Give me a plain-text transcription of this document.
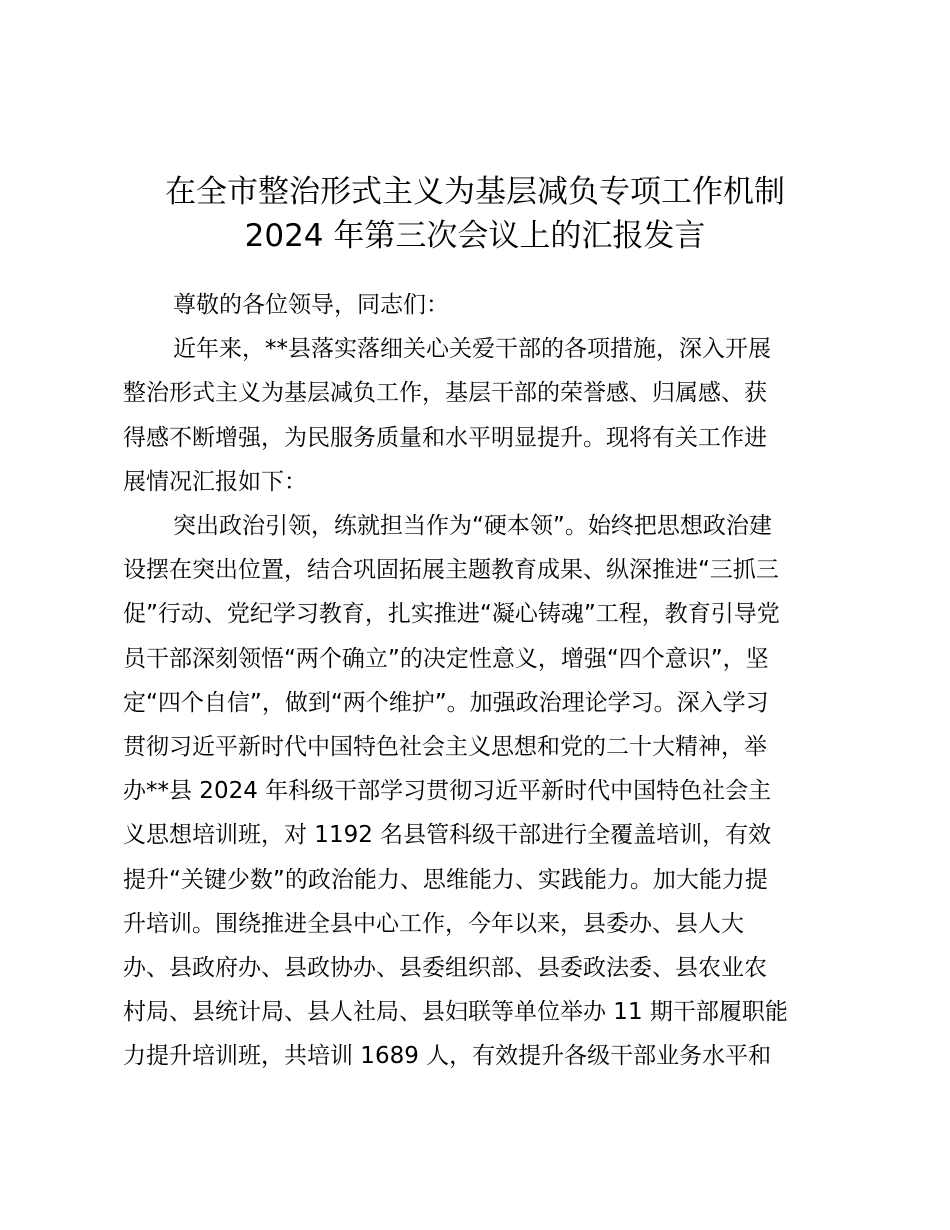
在全市整治形式主义为基层减负专项工作机制
2024 年第三次会议上的汇报发言
尊敬的各位领导，同志们：
近年来，**县落实落细关心关爱干部的各项措施，深入开展
整治形式主义为基层减负工作，基层干部的荣誉感、归属感、获
得感不断增强，为民服务质量和水平明显提升。现将有关工作进
展情况汇报如下：
突出政治引领，练就担当作为“硬本领”。始终把思想政治建
设摆在突出位置，结合巩固拓展主题教育成果、纵深推进“三抓三
促”行动、党纪学习教育，扎实推进“凝心铸魂”工程，教育引导党
员干部深刻领悟“两个确立”的决定性意义，增强“四个意识”，坚
定“四个自信”，做到“两个维护”。加强政治理论学习。深入学习
贯彻习近平新时代中国特色社会主义思想和党的二十大精神，举
办**县 2024 年科级干部学习贯彻习近平新时代中国特色社会主
义思想培训班，对 1192 名县管科级干部进行全覆盖培训，有效
提升“关键少数”的政治能力、思维能力、实践能力。加大能力提
升培训。围绕推进全县中心工作，今年以来，县委办、县人大
办、县政府办、县政协办、县委组织部、县委政法委、县农业农
村局、县统计局、县人社局、县妇联等单位举办 11 期干部履职能
力提升培训班，共培训 1689 人，有效提升各级干部业务水平和
